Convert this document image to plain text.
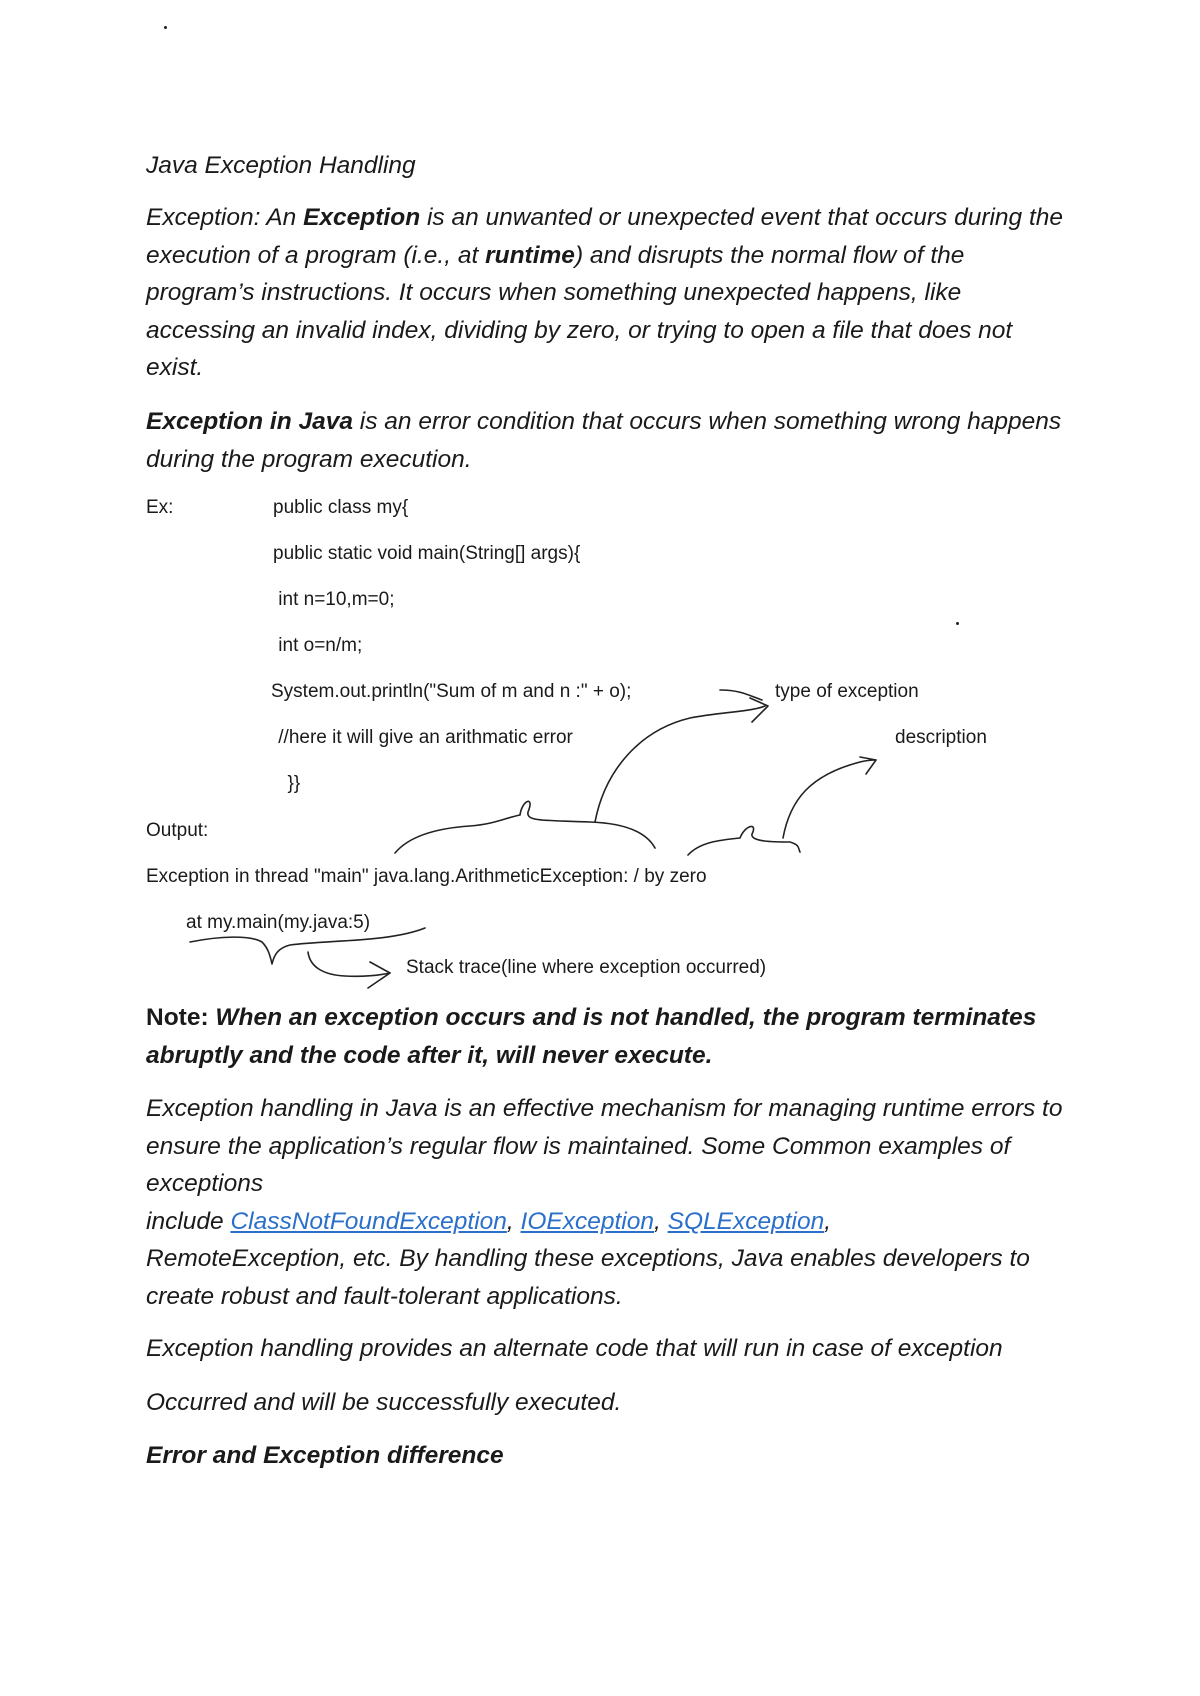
Java Exception Handling

Exception: An Exception is an unwanted or unexpected event that occurs during the execution of a program (i.e., at runtime) and disrupts the normal flow of the program’s instructions. It occurs when something unexpected happens, like accessing an invalid index, dividing by zero, or trying to open a file that does not exist.

Exception in Java is an error condition that occurs when something wrong happens during the program execution.

Ex:	public class my{
public static void main(String[] args){
int n=10,m=0;
int o=n/m;
System.out.println("Sum of m and n :" + o);
//here it will give an arithmatic error
}}
type of exception
description
Output:
Exception in thread "main" java.lang.ArithmeticException: / by zero
at my.main(my.java:5)
Stack trace(line where exception occurred)

Note: When an exception occurs and is not handled, the program terminates abruptly and the code after it, will never execute.

Exception handling in Java is an effective mechanism for managing runtime errors to ensure the application’s regular flow is maintained. Some Common examples of exceptions

include ClassNotFoundException, IOException, SQLException,

RemoteException, etc. By handling these exceptions, Java enables developers to create robust and fault-tolerant applications.

Exception handling provides an alternate code that will run in case of exception

Occurred and will be successfully executed.

Error and Exception difference
